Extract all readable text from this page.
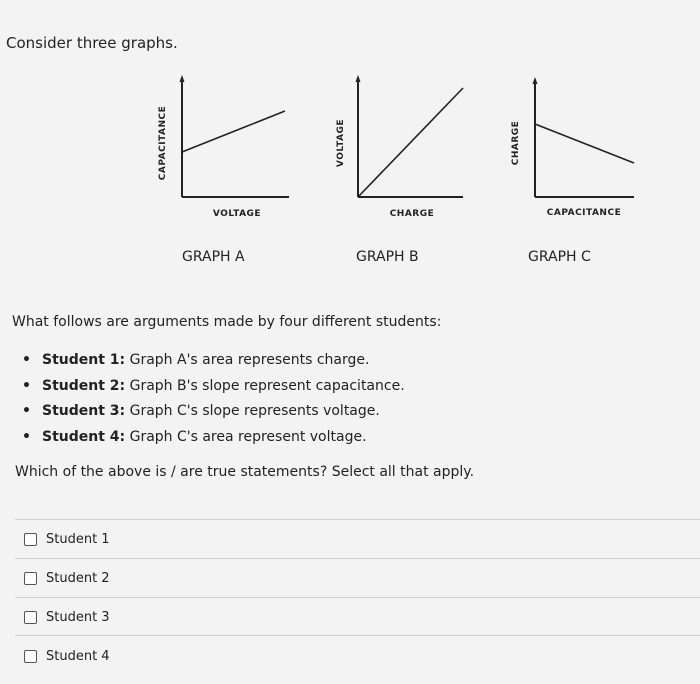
Consider three graphs.
CAPACITANCE
VOLTAGE
VOLTAGE
CHARGE
CHARGE
CAPACITANCE
GRAPH A	GRAPH B	GRAPH C
What follows are arguments made by four different students:
• Student 1: Graph A's area represents charge.
• Student 2: Graph B's slope represent capacitance.
• Student 3: Graph C's slope represents voltage.
• Student 4: Graph C's area represent voltage.
Which of the above is / are true statements? Select all that apply.
Student 1
Student 2
Student 3
Student 4
